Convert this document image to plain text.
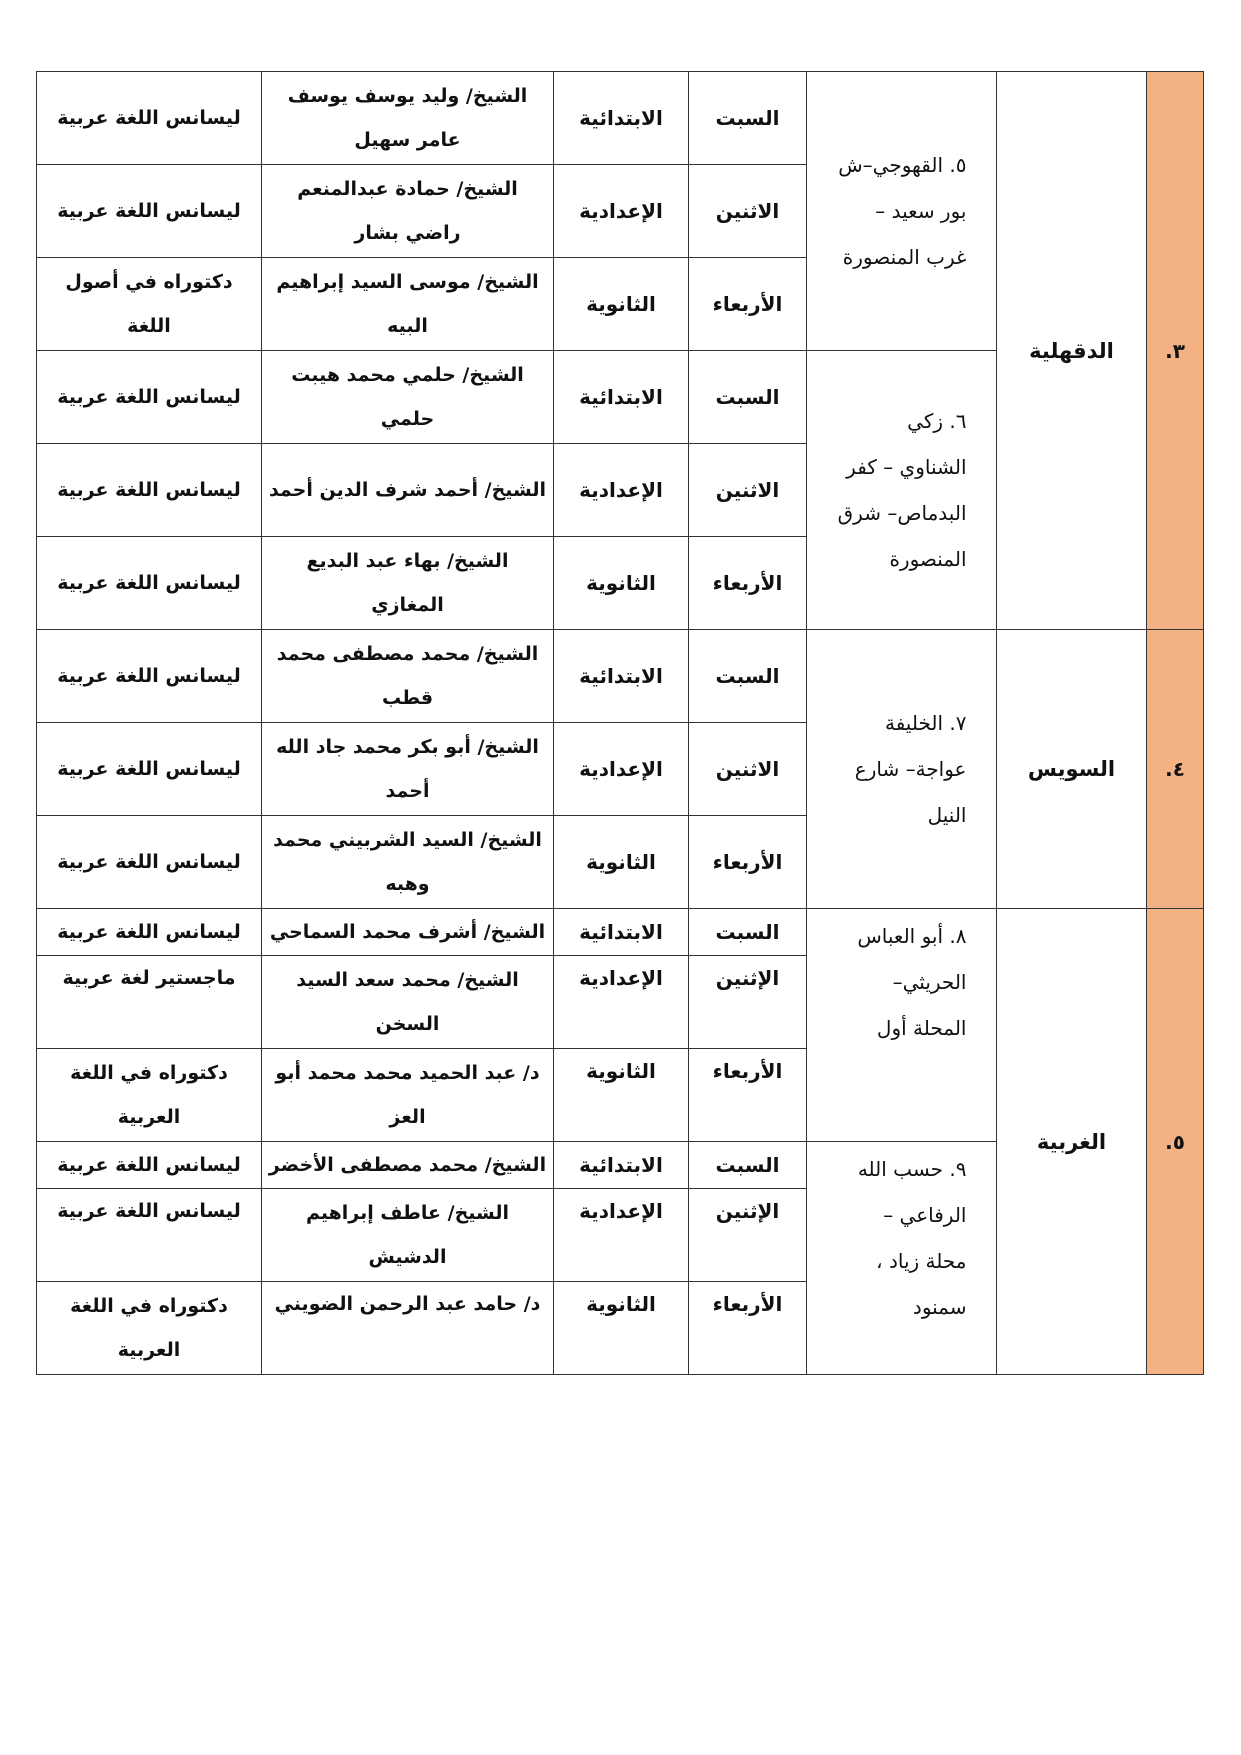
٣.	الدقهلية	٥. القهوجي–ش بور سعيد – غرب المنصورة	السبت	الابتدائية	الشيخ/ وليد يوسف يوسف عامر سهيل	ليسانس اللغة عربية
			الاثنين	الإعدادية	الشيخ/ حمادة عبدالمنعم راضي بشار	ليسانس اللغة عربية
			الأربعاء	الثانوية	الشيخ/ موسى السيد إبراهيم البيه	دكتوراه في أصول اللغة
		٦. زكي الشناوي – كفر البدماص– شرق المنصورة	السبت	الابتدائية	الشيخ/ حلمي محمد هيبت حلمي	ليسانس اللغة عربية
			الاثنين	الإعدادية	الشيخ/ أحمد شرف الدين أحمد	ليسانس اللغة عربية
			الأربعاء	الثانوية	الشيخ/ بهاء عبد البديع المغازي	ليسانس اللغة عربية
٤.	السويس	٧. الخليفة عواجة– شارع النيل	السبت	الابتدائية	الشيخ/ محمد مصطفى محمد قطب	ليسانس اللغة عربية
			الاثنين	الإعدادية	الشيخ/ أبو بكر محمد جاد الله أحمد	ليسانس اللغة عربية
			الأربعاء	الثانوية	الشيخ/ السيد الشربيني محمد وهبه	ليسانس اللغة عربية
٥.	الغربية	٨. أبو العباس الحريثي– المحلة أول	السبت	الابتدائية	الشيخ/ أشرف محمد السماحي	ليسانس اللغة عربية
			الإثنين	الإعدادية	الشيخ/ محمد سعد السيد السخن	ماجستير لغة عربية
			الأربعاء	الثانوية	د/ عبد الحميد محمد محمد أبو العز	دكتوراه في اللغة العربية
		٩. حسب الله الرفاعي – محلة زياد ، سمنود	السبت	الابتدائية	الشيخ/ محمد مصطفى الأخضر	ليسانس اللغة عربية
			الإثنين	الإعدادية	الشيخ/ عاطف إبراهيم الدشيش	ليسانس اللغة عربية
			الأربعاء	الثانوية	د/ حامد عبد الرحمن الضويني	دكتوراه في اللغة العربية
